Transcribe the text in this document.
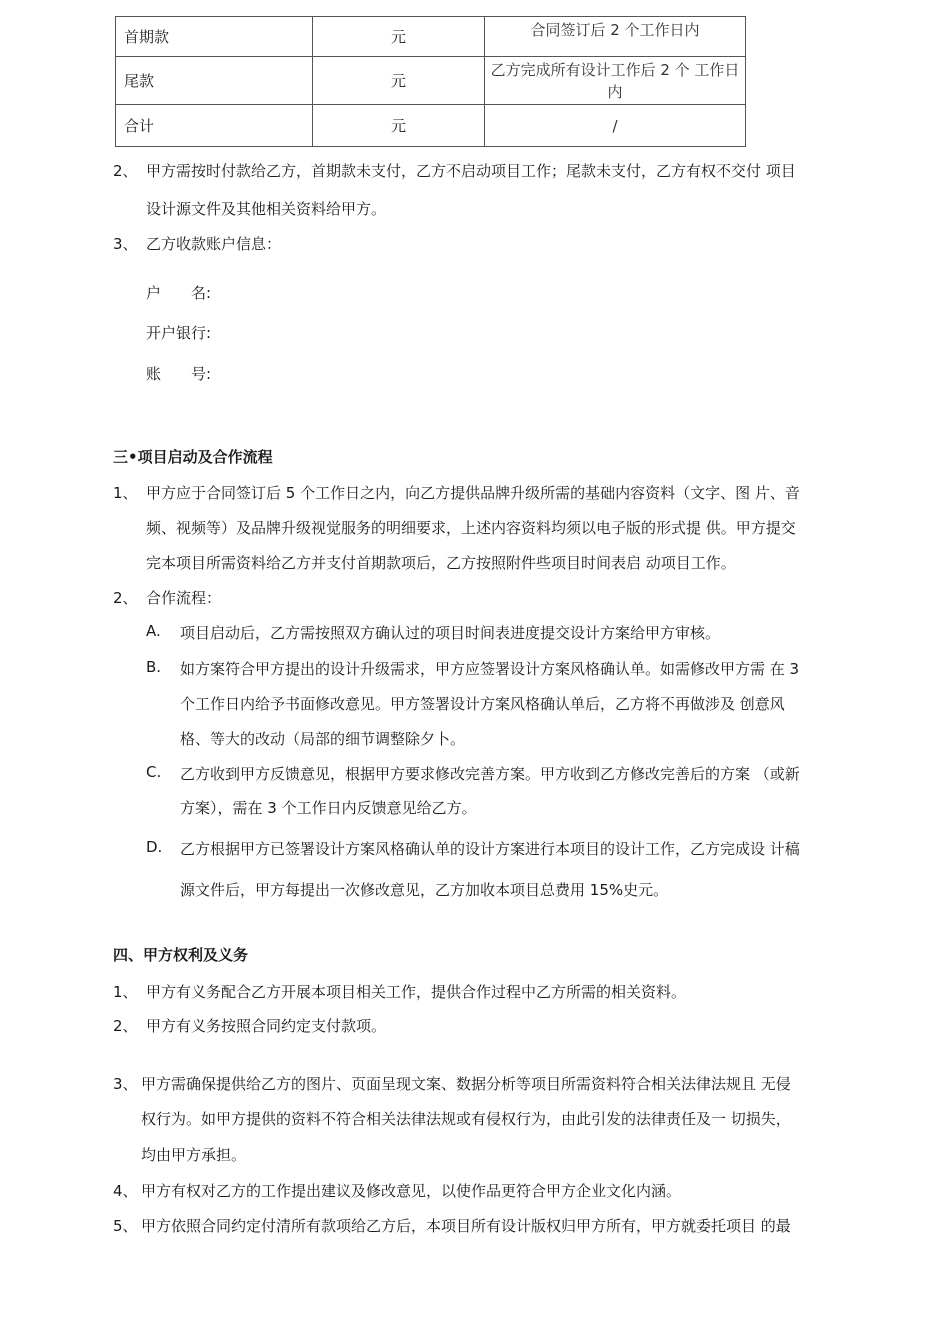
首期款	元	合同签订后 2 个工作日内
尾款	元	乙方完成所有设计工作后 2 个 工作日内
合计	元	/
2、 甲方需按时付款给乙方，首期款未支付，乙方不启动项目工作；尾款未支付，乙方有权不交付 项目
设计源文件及其他相关资料给甲方。
3、 乙方收款账户信息：
户　　名:
开户银行:
账　　号:
三•项目启动及合作流程
1、 甲方应于合同签订后 5 个工作日之内，向乙方提供品牌升级所需的基础内容资料（文字、图 片、音
频、视频等）及品牌升级视觉服务的明细要求，上述内容资料均须以电子版的形式提 供。甲方提交
完本项目所需资料给乙方并支付首期款项后，乙方按照附件些项目时间表启 动项目工作。
2、 合作流程：
A. 项目启动后，乙方需按照双方确认过的项目时间表进度提交设计方案给甲方审核。
B. 如方案符合甲方提出的设计升级需求，甲方应签署设计方案风格确认单。如需修改甲方需 在 3
个工作日内给予书面修改意见。甲方签署设计方案风格确认单后，乙方将不再做涉及 创意风
格、等大的改动（局部的细节调整除夕卜。
C. 乙方收到甲方反馈意见，根据甲方要求修改完善方案。甲方收到乙方修改完善后的方案 （或新
方案），需在 3 个工作日内反馈意见给乙方。
D. 乙方根据甲方已签署设计方案风格确认单的设计方案进行本项目的设计工作，乙方完成设 计稿
源文件后，甲方每提出一次修改意见，乙方加收本项目总费用 15%史元。
四、甲方权利及义务
1、 甲方有义务配合乙方开展本项目相关工作，提供合作过程中乙方所需的相关资料。
2、 甲方有义务按照合同约定支付款项。
3、 甲方需确保提供给乙方的图片、页面呈现文案、数据分析等项目所需资料符合相关法律法规且 无侵
权行为。如甲方提供的资料不符合相关法律法规或有侵权行为，由此引发的法律责任及一 切损失，
均由甲方承担。
4、 甲方有权对乙方的工作提出建议及修改意见，以使作品更符合甲方企业文化内涵。
5、 甲方依照合同约定付清所有款项给乙方后，本项目所有设计版权归甲方所有，甲方就委托项目 的最
